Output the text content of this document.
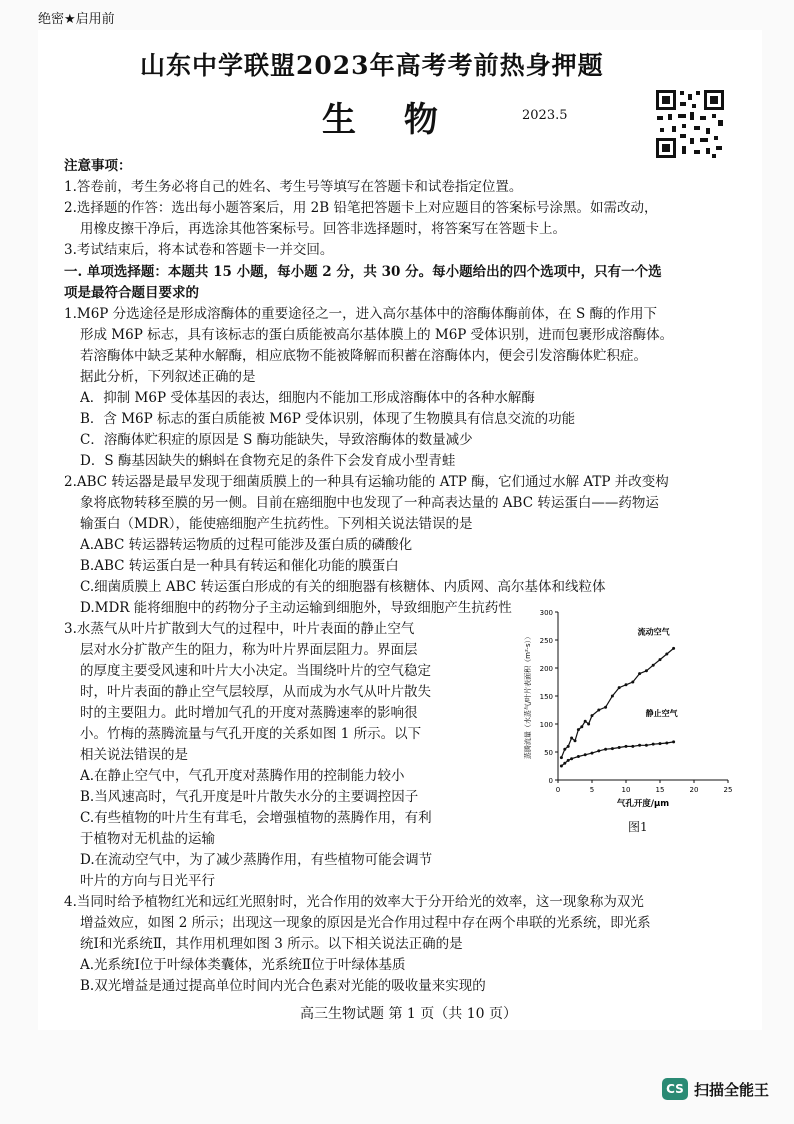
绝密★启用前
山东中学联盟2023年高考考前热身押题
生 物	2023.5
注意事项：
1.答卷前，考生务必将自己的姓名、考生号等填写在答题卡和试卷指定位置。
2.选择题的作答：选出每小题答案后，用 2B 铅笔把答题卡上对应题目的答案标号涂黑。如需改动，
用橡皮擦干净后，再选涂其他答案标号。回答非选择题时，将答案写在答题卡上。
3.考试结束后，将本试卷和答题卡一并交回。
一. 单项选择题：本题共 15 小题，每小题 2 分，共 30 分。每小题给出的四个选项中，只有一个选
项是最符合题目要求的
1.M6P 分选途径是形成溶酶体的重要途径之一，进入高尔基体中的溶酶体酶前体，在 S 酶的作用下
形成 M6P 标志，具有该标志的蛋白质能被高尔基体膜上的 M6P 受体识别，进而包裹形成溶酶体。
若溶酶体中缺乏某种水解酶，相应底物不能被降解而积蓄在溶酶体内，便会引发溶酶体贮积症。
据此分析，下列叙述正确的是
A．抑制 M6P 受体基因的表达，细胞内不能加工形成溶酶体中的各种水解酶
B．含 M6P 标志的蛋白质能被 M6P 受体识别，体现了生物膜具有信息交流的功能
C．溶酶体贮积症的原因是 S 酶功能缺失，导致溶酶体的数量减少
D．S 酶基因缺失的蝌蚪在食物充足的条件下会发育成小型青蛙
2.ABC 转运器是最早发现于细菌质膜上的一种具有运输功能的 ATP 酶，它们通过水解 ATP 并改变构
象将底物转移至膜的另一侧。目前在癌细胞中也发现了一种高表达量的 ABC 转运蛋白——药物运
输蛋白（MDR），能使癌细胞产生抗药性。下列相关说法错误的是
A.ABC 转运器转运物质的过程可能涉及蛋白质的磷酸化
B.ABC 转运蛋白是一种具有转运和催化功能的膜蛋白
C.细菌质膜上 ABC 转运蛋白形成的有关的细胞器有核糖体、内质网、高尔基体和线粒体
D.MDR 能将细胞中的药物分子主动运输到细胞外，导致细胞产生抗药性
3.水蒸气从叶片扩散到大气的过程中，叶片表面的静止空气
层对水分扩散产生的阻力，称为叶片界面层阻力。界面层
的厚度主要受风速和叶片大小决定。当围绕叶片的空气稳定
时，叶片表面的静止空气层较厚，从而成为水气从叶片散失
时的主要阻力。此时增加气孔的开度对蒸腾速率的影响很
小。竹梅的蒸腾流量与气孔开度的关系如图 1 所示。以下
相关说法错误的是
A.在静止空气中，气孔开度对蒸腾作用的控制能力较小
B.当风速高时，气孔开度是叶片散失水分的主要调控因子
C.有些植物的叶片生有茸毛，会增强植物的蒸腾作用，有利
于植物对无机盐的运输
D.在流动空气中，为了减少蒸腾作用，有些植物可能会调节
叶片的方向与日光平行
0
50
100
150
200
250
300
0	5	10	15	20	25
气孔开度/μm
蒸腾流量（水蒸气/叶片表面积（m²·s））
流动空气
静止空气
图1
4.当同时给予植物红光和远红光照射时，光合作用的效率大于分开给光的效率，这一现象称为双光
增益效应，如图 2 所示；出现这一现象的原因是光合作用过程中存在两个串联的光系统，即光系
统Ⅰ和光系统Ⅱ，其作用机理如图 3 所示。以下相关说法正确的是
A.光系统Ⅰ位于叶绿体类囊体，光系统Ⅱ位于叶绿体基质
B.双光增益是通过提高单位时间内光合色素对光能的吸收量来实现的
高三生物试题 第 1 页（共 10 页）
CS 扫描全能王
